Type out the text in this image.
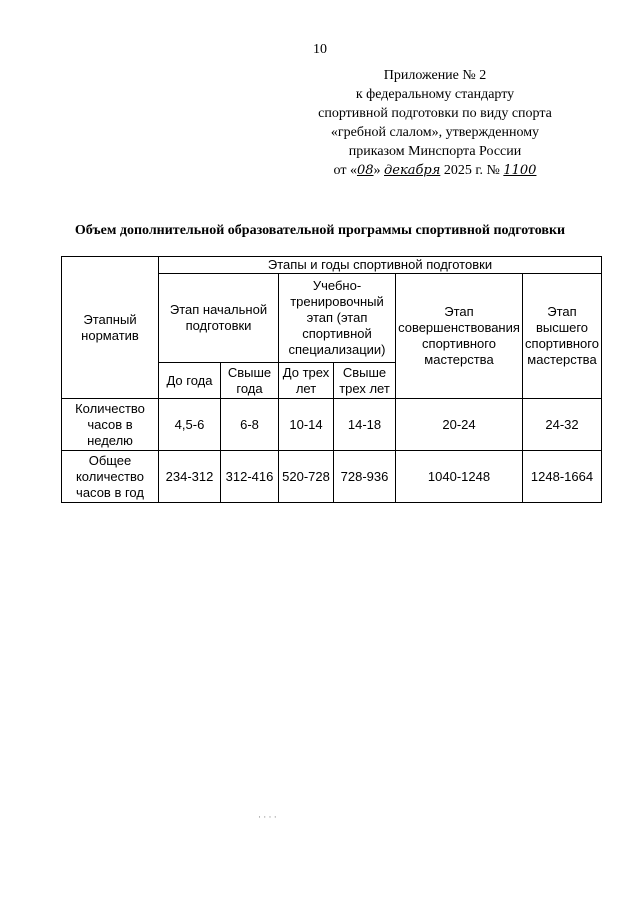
10
Приложение № 2
к федеральному стандарту
спортивной подготовки по виду спорта
«гребной слалом», утвержденному
приказом Минспорта России
от «08» декабря 2025 г. № 1100
Объем дополнительной образовательной программы спортивной подготовки
Этапный норматив	Этапы и годы спортивной подготовки					
	Этап начальной подготовки		Учебно-тренировочный этап (этап спортивной специализации)		Этап совершенствования спортивного мастерства	Этап высшего спортивного мастерства
	До года	Свыше года	До трех лет	Свыше трех лет		
Количество часов в неделю	4,5-6	6-8	10-14	14-18	20-24	24-32
Общее количество часов в год	234-312	312-416	520-728	728-936	1040-1248	1248-1664
· · · ·
